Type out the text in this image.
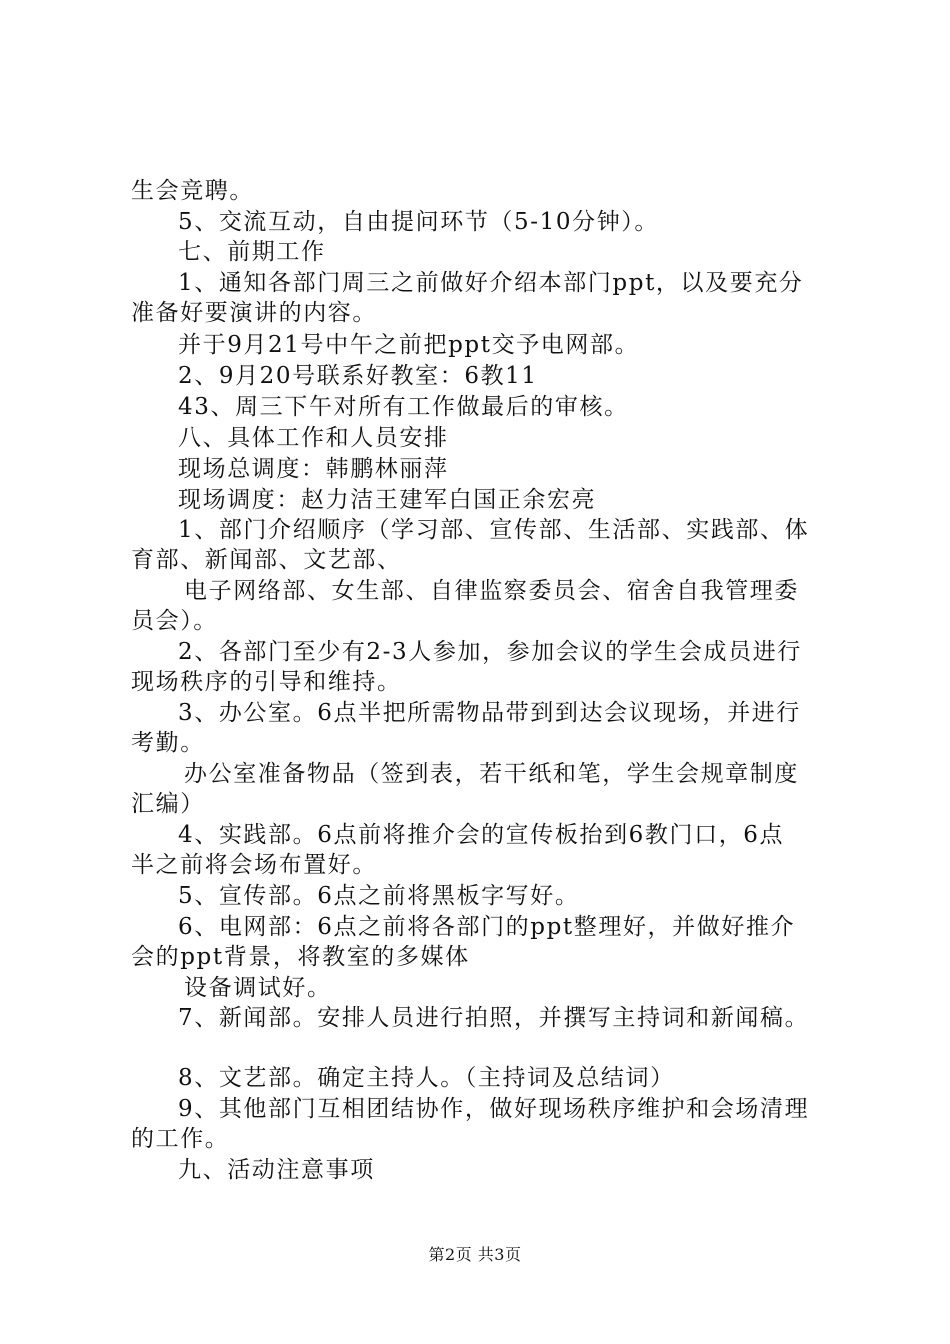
生会竞聘。
5、交流互动，自由提问环节（5-10分钟）。
七、前期工作
1、通知各部门周三之前做好介绍本部门ppt，以及要充分
准备好要演讲的内容。
并于9月21号中午之前把ppt交予电网部。
2、9月20号联系好教室：6教11
43、周三下午对所有工作做最后的审核。
八、具体工作和人员安排
现场总调度：韩鹏林丽萍
现场调度：赵力洁王建军白国正余宏亮
1、部门介绍顺序（学习部、宣传部、生活部、实践部、体
育部、新闻部、文艺部、
电子网络部、女生部、自律监察委员会、宿舍自我管理委
员会）。
2、各部门至少有2-3人参加，参加会议的学生会成员进行
现场秩序的引导和维持。
3、办公室。6点半把所需物品带到到达会议现场，并进行
考勤。
办公室准备物品（签到表，若干纸和笔，学生会规章制度
汇编）
4、实践部。6点前将推介会的宣传板抬到6教门口，6点
半之前将会场布置好。
5、宣传部。6点之前将黑板字写好。
6、电网部：6点之前将各部门的ppt整理好，并做好推介
会的ppt背景，将教室的多媒体
设备调试好。
7、新闻部。安排人员进行拍照，并撰写主持词和新闻稿。
8、文艺部。确定主持人。（主持词及总结词）
9、其他部门互相团结协作，做好现场秩序维护和会场清理
的工作。
九、活动注意事项
第2页 共3页
